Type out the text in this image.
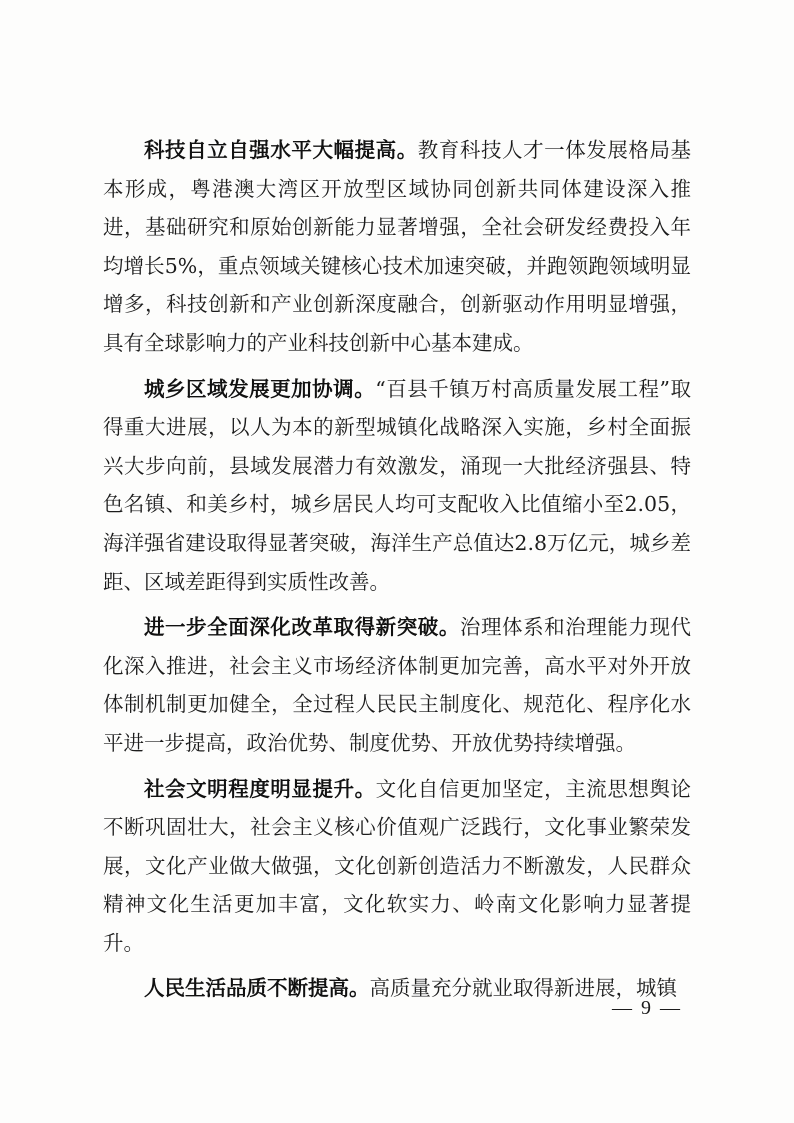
科技自立自强水平大幅提高。教育科技人才一体发展格局基本形成，粤港澳大湾区开放型区域协同创新共同体建设深入推进，基础研究和原始创新能力显著增强，全社会研发经费投入年均增长5%，重点领域关键核心技术加速突破，并跑领跑领域明显增多，科技创新和产业创新深度融合，创新驱动作用明显增强，具有全球影响力的产业科技创新中心基本建成。

城乡区域发展更加协调。“百县千镇万村高质量发展工程”取得重大进展，以人为本的新型城镇化战略深入实施，乡村全面振兴大步向前，县域发展潜力有效激发，涌现一大批经济强县、特色名镇、和美乡村，城乡居民人均可支配收入比值缩小至2.05，海洋强省建设取得显著突破，海洋生产总值达2.8万亿元，城乡差距、区域差距得到实质性改善。

进一步全面深化改革取得新突破。治理体系和治理能力现代化深入推进，社会主义市场经济体制更加完善，高水平对外开放体制机制更加健全，全过程人民民主制度化、规范化、程序化水平进一步提高，政治优势、制度优势、开放优势持续增强。

社会文明程度明显提升。文化自信更加坚定，主流思想舆论不断巩固壮大，社会主义核心价值观广泛践行，文化事业繁荣发展，文化产业做大做强，文化创新创造活力不断激发，人民群众精神文化生活更加丰富，文化软实力、岭南文化影响力显著提升。

人民生活品质不断提高。高质量充分就业取得新进展，城镇

— 9 —
